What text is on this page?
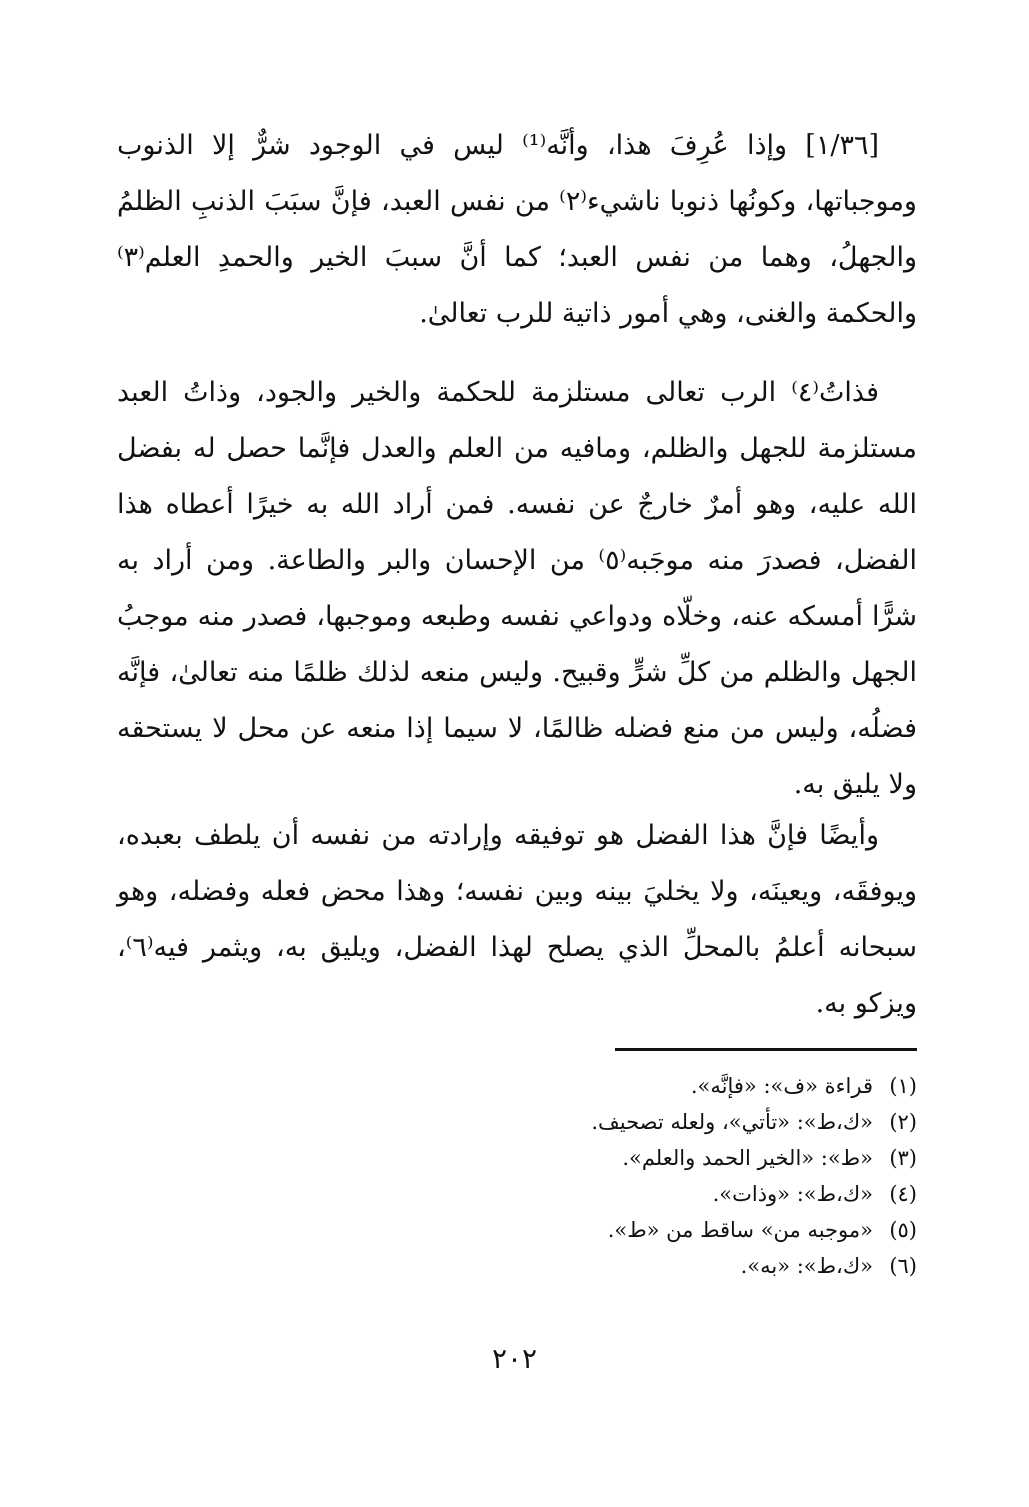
[١/٣٦] وإذا عُرِفَ هذا، وأنَّه⁽¹⁾ ليس في الوجود شرٌّ إلا الذنوب وموجباتها، وكونُها ذنوبا ناشيء⁽٢⁾ من نفس العبد، فإنَّ سبَبَ الذنبِ الظلمُ والجهلُ، وهما من نفس العبد؛ كما أنَّ سببَ الخير والحمدِ العلم⁽٣⁾ والحكمة والغنى، وهي أمور ذاتية للرب تعالىٰ.

فذاتُ⁽٤⁾ الرب تعالى مستلزمة للحكمة والخير والجود، وذاتُ العبد مستلزمة للجهل والظلم، ومافيه من العلم والعدل فإنَّما حصل له بفضل الله عليه، وهو أمرٌ خارجٌ عن نفسه. فمن أراد الله به خيرًا أعطاه هذا الفضل، فصدرَ منه موجَبه⁽٥⁾ من الإحسان والبر والطاعة. ومن أراد به شرًّا أمسكه عنه، وخلّاه ودواعي نفسه وطبعه وموجبها، فصدر منه موجبُ الجهل والظلم من كلِّ شرٍّ وقبيح. وليس منعه لذلك ظلمًا منه تعالىٰ، فإنَّه فضلُه، وليس من منع فضله ظالمًا، لا سيما إذا منعه عن محل لا يستحقه ولا يليق به.

وأيضًا فإنَّ هذا الفضل هو توفيقه وإرادته من نفسه أن يلطف بعبده، ويوفقَه، ويعينَه، ولا يخليَ بينه وبين نفسه؛ وهذا محض فعله وفضله، وهو سبحانه أعلمُ بالمحلِّ الذي يصلح لهذا الفضل، ويليق به، ويثمر فيه⁽٦⁾، ويزكو به.

(١)قراءة «ف»: «فإنَّه».
(٢)«ك،ط»: «تأتي»، ولعله تصحيف.
(٣)«ط»: «الخير الحمد والعلم».
(٤)«ك،ط»: «وذات».
(٥)«موجبه من» ساقط من «ط».
(٦)«ك،ط»: «به».
٢٠٢
